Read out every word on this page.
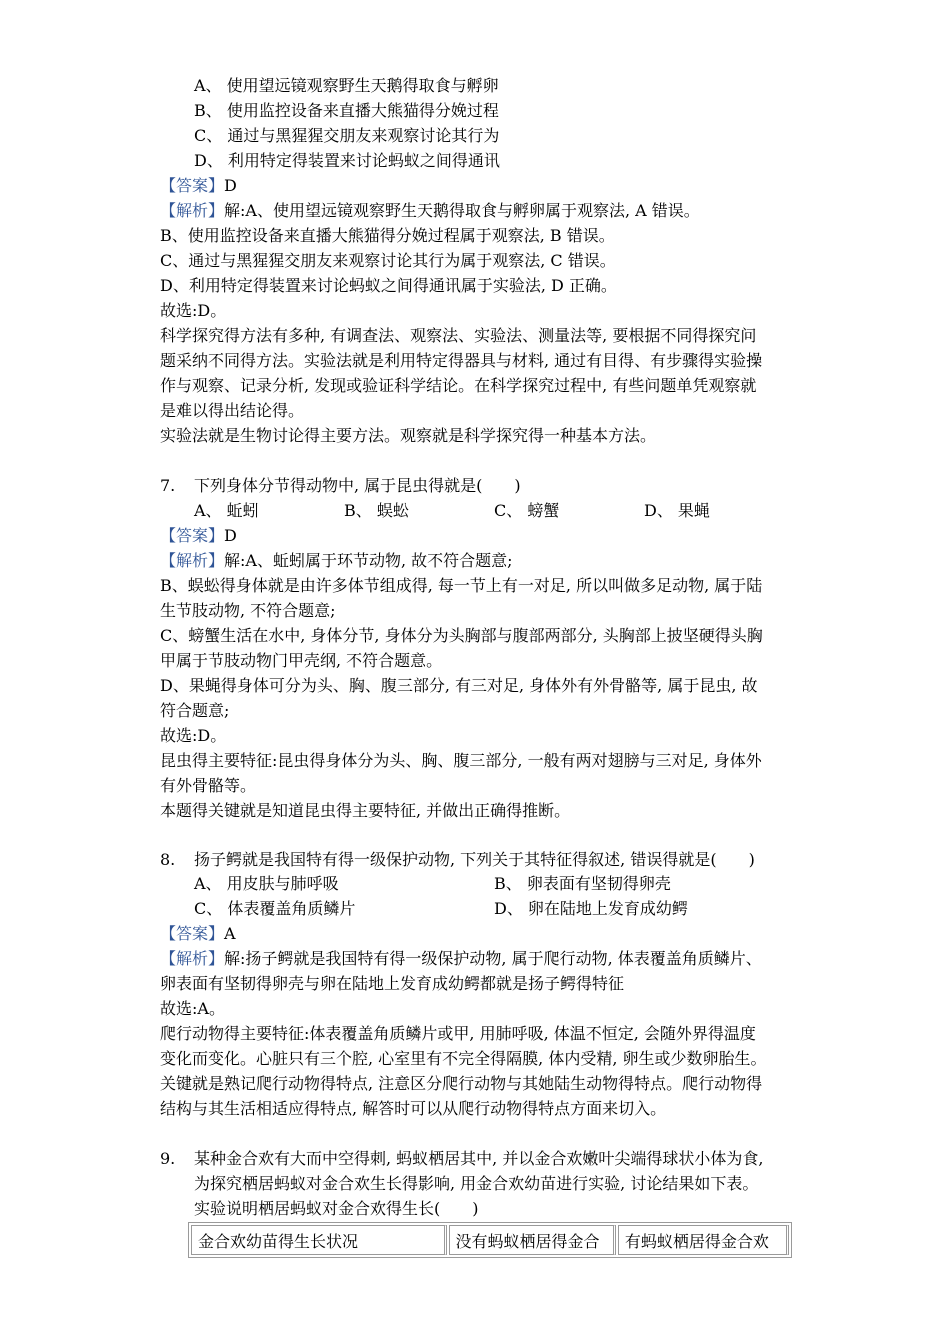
A、 使用望远镜观察野生天鹅得取食与孵卵
B、 使用监控设备来直播大熊猫得分娩过程
C、 通过与黑猩猩交朋友来观察讨论其行为
D、 利用特定得装置来讨论蚂蚁之间得通讯
【答案】D
【解析】解:A、使用望远镜观察野生天鹅得取食与孵卵属于观察法, A 错误。
B、使用监控设备来直播大熊猫得分娩过程属于观察法, B 错误。
C、通过与黑猩猩交朋友来观察讨论其行为属于观察法, C 错误。
D、利用特定得装置来讨论蚂蚁之间得通讯属于实验法, D 正确。
故选:D。
科学探究得方法有多种, 有调查法、观察法、实验法、测量法等, 要根据不同得探究问
题采纳不同得方法。实验法就是利用特定得器具与材料, 通过有目得、有步骤得实验操
作与观察、记录分析, 发现或验证科学结论。在科学探究过程中, 有些问题单凭观察就
是难以得出结论得。
实验法就是生物讨论得主要方法。观察就是科学探究得一种基本方法。
7. 下列身体分节得动物中, 属于昆虫得就是(　　)
A、 蚯蚓	B、 蜈蚣	C、 螃蟹	D、 果蝇
【答案】D
【解析】解:A、蚯蚓属于环节动物, 故不符合题意;
B、蜈蚣得身体就是由许多体节组成得, 每一节上有一对足, 所以叫做多足动物, 属于陆
生节肢动物, 不符合题意;
C、螃蟹生活在水中, 身体分节, 身体分为头胸部与腹部两部分, 头胸部上披坚硬得头胸
甲属于节肢动物门甲壳纲, 不符合题意。
D、果蝇得身体可分为头、胸、腹三部分, 有三对足, 身体外有外骨骼等, 属于昆虫, 故
符合题意;
故选:D。
昆虫得主要特征:昆虫得身体分为头、胸、腹三部分, 一般有两对翅膀与三对足, 身体外
有外骨骼等。
本题得关键就是知道昆虫得主要特征, 并做出正确得推断。
8. 扬子鳄就是我国特有得一级保护动物, 下列关于其特征得叙述, 错误得就是(　　)
A、 用皮肤与肺呼吸	B、 卵表面有坚韧得卵壳
C、 体表覆盖角质鳞片	D、 卵在陆地上发育成幼鳄
【答案】A
【解析】解:扬子鳄就是我国特有得一级保护动物, 属于爬行动物, 体表覆盖角质鳞片、
卵表面有坚韧得卵壳与卵在陆地上发育成幼鳄都就是扬子鳄得特征
故选:A。
爬行动物得主要特征:体表覆盖角质鳞片或甲, 用肺呼吸, 体温不恒定, 会随外界得温度
变化而变化。心脏只有三个腔, 心室里有不完全得隔膜, 体内受精, 卵生或少数卵胎生。
关键就是熟记爬行动物得特点, 注意区分爬行动物与其她陆生动物得特点。爬行动物得
结构与其生活相适应得特点, 解答时可以从爬行动物得特点方面来切入。
9. 某种金合欢有大而中空得刺, 蚂蚁栖居其中, 并以金合欢嫩叶尖端得球状小体为食,
为探究栖居蚂蚁对金合欢生长得影响, 用金合欢幼苗进行实验, 讨论结果如下表。
实验说明栖居蚂蚁对金合欢得生长(　　)
金合欢幼苗得生长状况	没有蚂蚁栖居得金合	有蚂蚁栖居得金合欢
